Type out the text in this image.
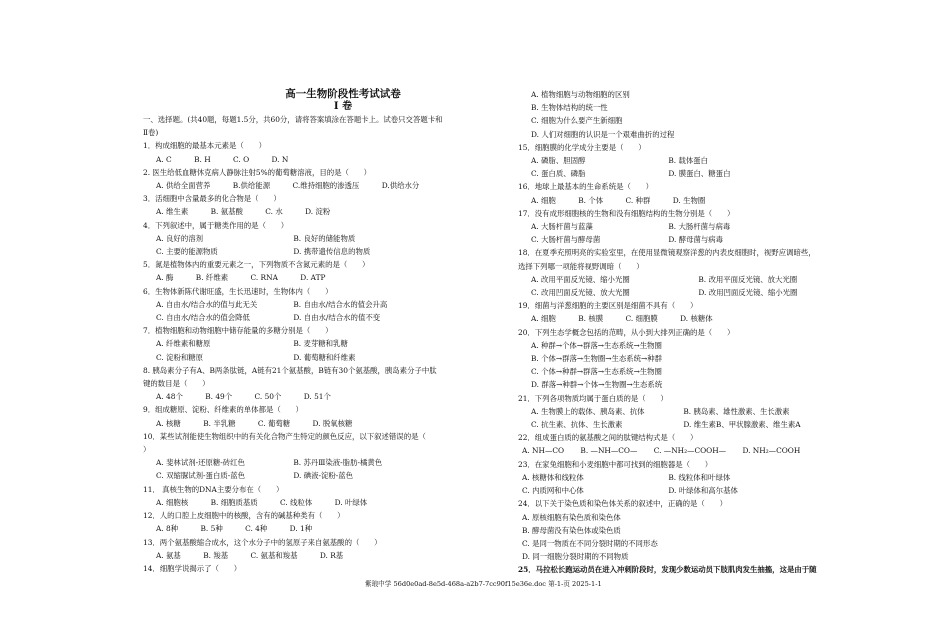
高一生物阶段性考试试卷
Ⅰ 卷
一、选择题。(共40题，每题1.5分，共60分，请将答案填涂在答题卡上。试卷只交答题卡和
Ⅱ卷)
1．构成细胞的最基本元素是（　　）
A. C	B. H	C. O	D. N
2. 医生给低血糖休克病人静脉注射5%的葡萄糖溶液，目的是（　　）
A. 供给全面营养	B.供给能源	C.维持细胞的渗透压	D.供给水分
3．活细胞中含量最多的化合物是（　　）
A. 维生素	B. 氨基酸	C. 水	D. 淀粉
4．下列叙述中，属于糖类作用的是（　　）
A. 良好的溶剂	B. 良好的储能物质
C. 主要的能源物质	D. 携带遗传信息的物质
5．氮是植物体内的重要元素之一，下列物质不含氮元素的是（　　）
A. 酶	B. 纤维素	C. RNA	D. ATP
6．生物体新陈代谢旺盛，生长迅速时，生物体内（　　）
A. 自由水/结合水的值与此无关	B. 自由水/结合水的值会升高
C. 自由水/结合水的值会降低	D. 自由水/结合水的值不变
7．植物细胞和动物细胞中储存能量的多糖分别是（　　）
A. 纤维素和糖原	B. 麦芽糖和乳糖
C. 淀粉和糖原	D. 葡萄糖和纤维素
8. 胰岛素分子有A、B两条肽链，A链有21个氨基酸，B链有30个氨基酸，胰岛素分子中肽
键的数目是（　　）
A. 48个	B. 49个	C. 50个	D. 51个
9．组成糖原、淀粉、纤维素的单体都是（　　）
A. 核糖	B. 半乳糖	C. 葡萄糖	D. 脱氧核糖
10．某些试剂能使生物组织中的有关化合物产生特定的颜色反应，以下叙述错误的是（
）
A. 斐林试剂-还原糖-砖红色	B. 苏丹Ⅲ染液-脂肪-橘黄色
C. 双缩脲试剂-蛋白质-蓝色	D. 碘液-淀粉-蓝色
11． 真核生物的DNA主要分布在（　　）
A. 细胞核	B. 细胞质基质	C. 线粒体	D. 叶绿体
12．人的口腔上皮细胞中的核酸，含有的碱基种类有（　　）
A. 8种	B. 5种	C. 4种	D. 1种
13．两个氨基酸缩合成水，这个水分子中的氢原子来自氨基酸的（　　）
A. 氨基	B. 羧基	C. 氨基和羧基	D. R基
14．细胞学说揭示了（　　）
A. 植物细胞与动物细胞的区别
B. 生物体结构的统一性
C. 细胞为什么要产生新细胞
D. 人们对细胞的认识是一个艰难曲折的过程
15．细胞膜的化学成分主要是（　　）
A. 磷脂、胆固醇	B. 载体蛋白
C. 蛋白质、磷脂	D. 膜蛋白、糖蛋白
16．地球上最基本的生命系统是（　　）
A. 细胞	B. 个体	C. 种群	D. 生物圈
17．没有成形细胞核的生物和没有细胞结构的生物分别是（　　）
A. 大肠杆菌与蓝藻	B. 大肠杆菌与病毒
C. 大肠杆菌与酵母菌	D. 酵母菌与病毒
18．在夏季充照明亮的实验室里，在使用显微镜观察洋葱的内表皮细胞时，视野应调暗些，
选择下列哪一项能将视野调暗（　　）
A. 改用平面反光镜、缩小光圈	B. 改用平面反光镜、放大光圈
C. 改用凹面反光镜、放大光圈	D. 改用凹面反光镜、缩小光圈
19．细菌与洋葱细胞的主要区别是细菌不具有（　　）
A. 细胞	B. 核膜	C. 细胞膜	D. 核糖体
20．下列生态学概念包括的范畴，从小到大排列正确的是（　　）
A. 种群→个体→群落→生态系统→生物圈
B. 个体→群落→生物圈→生态系统→种群
C. 个体→种群→群落→生态系统→生物圈
D. 群落→种群→个体→生物圈→生态系统
21．下列各项物质均属于蛋白质的是（　　）
A. 生物膜上的载体、胰岛素、抗体	B. 胰岛素、雄性激素、生长激素
C. 抗生素、抗体、生长激素	D. 维生素B、甲状腺激素、维生素A
22．组成蛋白质的氨基酸之间的肽键结构式是（　　）
A. NH—CO B. —NH—CO— C. —NH₂—COOH— D. NH₂—COOH
23．在家兔细胞和小麦细胞中都可找到的细胞器是（　　）
A. 核糖体和线粒体	B. 线粒体和叶绿体
C. 内质网和中心体	D. 叶绿体和高尔基体
24．以下关于染色质和染色体关系的叙述中，正确的是（　　）
A. 原核细胞有染色质和染色体
B. 酵母菌没有染色体或染色质
C. 是同一物质在不同分裂时期的不同形态
D. 同一细胞分裂时期的不同物质
25．马拉松长跑运动员在进入冲刺阶段时，发现少数运动员下肢肌肉发生抽搐，这是由于随
紫琅中学 56d0e0ad-8e5d-468a-a2b7-7cc90f15e36e.doc 第-1-页 2025-1-1
